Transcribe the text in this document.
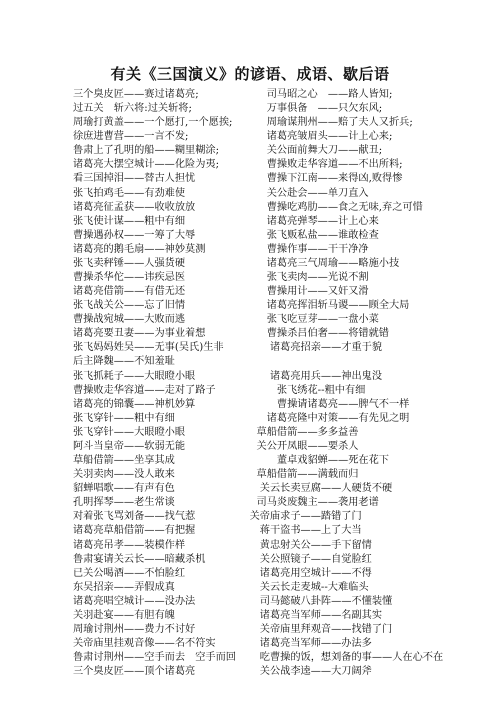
有关《三国演义》的谚语、成语、歇后语
三个臭皮匠——赛过诸葛亮;
过五关　斩六将:过关斩将;
周瑜打黄盖——一个愿打,一个愿挨;
徐庶进曹营——一言不发;
鲁肃上了孔明的船——糊里糊涂;
诸葛亮大摆空城计——化险为夷;
看三国掉泪——替古人担忧
张飞拍鸡毛——有劲难使
诸葛亮征孟获——收收放放
张飞使计谋——粗中有细
曹操遇孙权——一筹了大辱
诸葛亮的鹅毛扇——神妙莫测
张飞卖秤锤——人强货硬
曹操杀华佗——讳疾忌医
诸葛亮借箭——有借无还
张飞战关公——忘了旧情
曹操战宛城——大败而逃
诸葛亮要丑妻——为事业着想
张飞妈妈姓吴——无事(吴氏)生非
后主降魏——不知羞耻
张飞抓耗子——大眼瞪小眼
曹操败走华容道——走对了路子
诸葛亮的锦囊——神机妙算
张飞穿针——粗中有细
张飞穿针——大眼瞪小眼
阿斗当皇帝——软弱无能
草船借箭——坐享其成
关羽卖肉——没人敢来
貂蝉唱歌——有声有色
孔明挥琴——老生常谈
对着张飞骂刘备——找气惹
诸葛亮草船借箭——有把握
诸葛亮吊孝——装模作样
鲁肃宴请关云长——暗藏杀机
已关公喝酒——不怕脸红
东吴招亲——弄假成真
诸葛亮唱空城计——没办法
关羽赴宴——有胆有魄
周瑜讨荆州——费力不讨好
关帝庙里挂观音像——名不符实
鲁肃讨荆州——空手而去　空手而回
三个臭皮匠——顶个诸葛亮
　　　　司马昭之心　——路人皆知;
　　　　万事俱备　——只欠东风;
　　　　周瑜谋荆州——赔了夫人又折兵;
　　　　诸葛亮皱眉头——计上心来;
　　　　关公面前舞大刀——献丑;
　　　　曹操败走华容道——不出所料;
　　　　曹操下江南——来得凶,败得惨
　　　　关公赴会——单刀直入
　　　　曹操吃鸡肋——食之无味,弃之可惜
　　　　诸葛亮弹琴——计上心来
　　　　张飞贩私盐——谁敢检查
　　　　曹操作事——干干净净
　　　　诸葛亮三气周瑜——略施小技
　　　　张飞卖肉——光说不割
　　　　曹操用计——又奸又滑
　　　　诸葛亮挥泪斩马谡——顾全大局
　　　　张飞吃豆芽——一盘小菜
　　　　曹操杀吕伯奢——将错就错
　　　　 诸葛亮招亲——才重于貌
　　　　 诸葛亮用兵——神出鬼没
　　　　　张飞绣花--粗中有细
　　　　　曹操请诸葛亮——脾气不一样
　　　　诸葛亮隆中对策——有先见之明
　　　草船借箭——多多益善
　　　关公开凤眼——要杀人
　　　　　董卓戏貂蝉——死在花下
　　　草船借箭——满载而归
　　　 关云长卖豆腐——人硬货不硬
　　　司马炎废魏主——袭用老谱
　　 关帝庙求子——踏错了门
　　　 蒋干盗书——上了大当
　　　 黄忠射关公——手下留情
　　　 关公照镜子——自觉脸红
　　　 诸葛亮用空城计——不得
　　　 关云长走麦城--大难临头
　　　 司马懿破八卦阵——不懂装懂
　　　 诸葛亮当军师——名副其实
　　　 关帝庙里拜观音——找错了门
　　　 诸葛亮当军师——办法多
　　　 吃曹操的饭，想刘备的事——人在心不在
　　　 关公战李逵——大刀阔斧
